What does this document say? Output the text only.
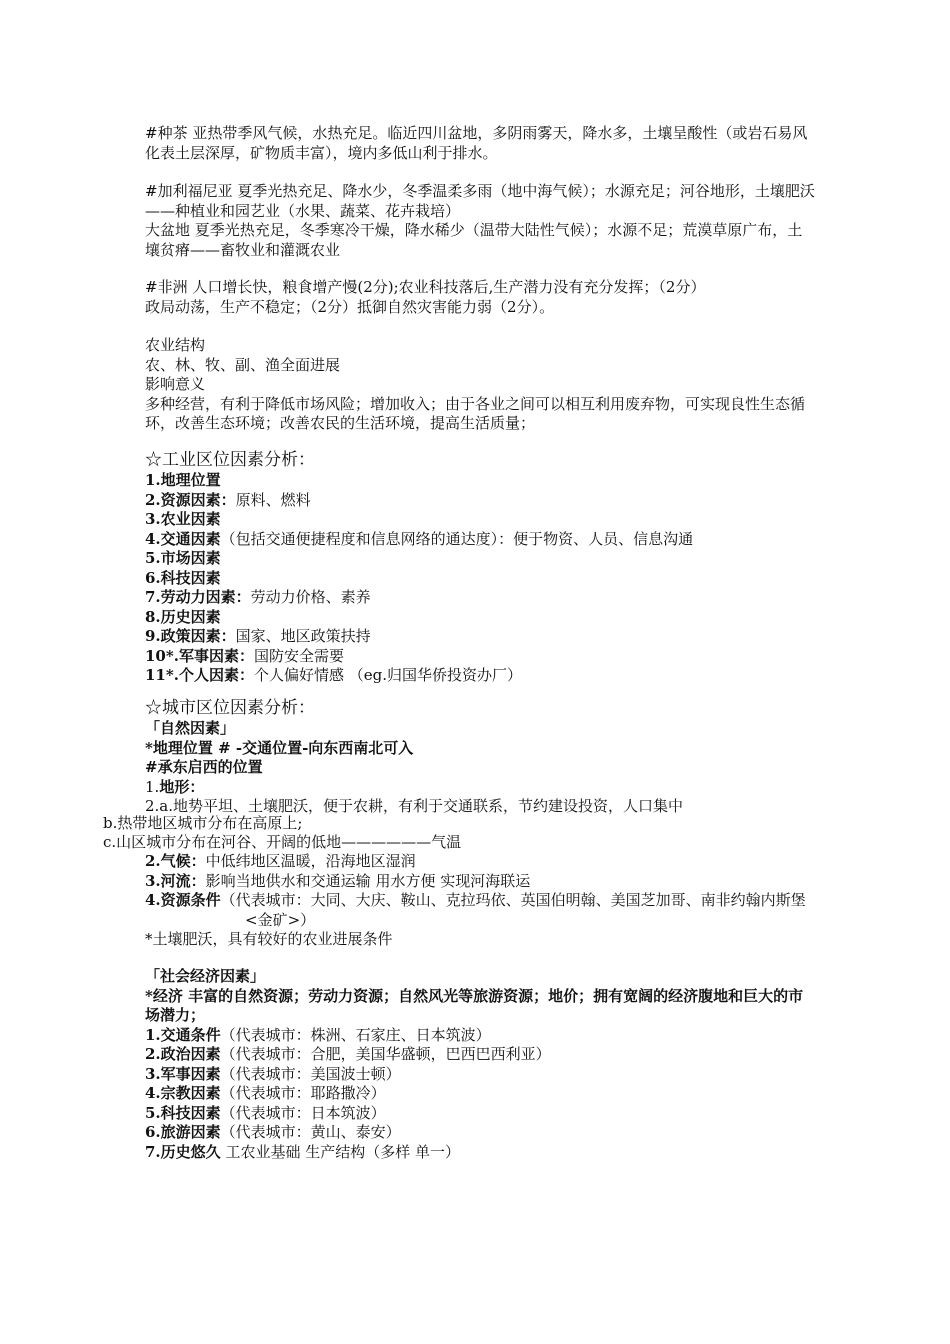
#种茶 亚热带季风气候，水热充足。临近四川盆地，多阴雨雾天，降水多，土壤呈酸性（或岩石易风化表土层深厚，矿物质丰富），境内多低山利于排水。

#加利福尼亚 夏季光热充足、降水少，冬季温柔多雨（地中海气候）；水源充足；河谷地形，土壤肥沃——种植业和园艺业（水果、蔬菜、花卉栽培）

大盆地 夏季光热充足，冬季寒冷干燥，降水稀少（温带大陆性气候）；水源不足；荒漠草原广布，土壤贫瘠——畜牧业和灌溉农业

#非洲 人口增长快，粮食增产慢(2分);农业科技落后,生产潜力没有充分发挥；（2分）

政局动荡，生产不稳定；（2分）抵御自然灾害能力弱（2分）。

农业结构

农、林、牧、副、渔全面进展

影响意义

多种经营，有利于降低市场风险；增加收入；由于各业之间可以相互利用废弃物，可实现良性生态循环，改善生态环境；改善农民的生活环境，提高生活质量；

☆工业区位因素分析：

1.地理位置

2.资源因素：原料、燃料

3.农业因素

4.交通因素（包括交通便捷程度和信息网络的通达度）：便于物资、人员、信息沟通

5.市场因素

6.科技因素

7.劳动力因素：劳动力价格、素养

8.历史因素

9.政策因素：国家、地区政策扶持

10*.军事因素：国防安全需要

11*.个人因素：个人偏好情感 （eg.归国华侨投资办厂）

☆城市区位因素分析：

「自然因素」

*地理位置 # -交通位置-向东西南北可入

#承东启西的位置

1.地形：

2.a.地势平坦、土壤肥沃，便于农耕，有利于交通联系，节约建设投资，人口集中

b.热带地区城市分布在高原上;
c.山区城市分布在河谷、开阔的低地——————气温

2.气候：中低纬地区温暖，沿海地区湿润

3.河流：影响当地供水和交通运输 用水方便 实现河海联运

4.资源条件（代表城市：大同、大庆、鞍山、克拉玛依、英国伯明翰、美国芝加哥、南非约翰内斯堡<金矿>）

*土壤肥沃，具有较好的农业进展条件

「社会经济因素」

*经济 丰富的自然资源；劳动力资源；自然风光等旅游资源；地价；拥有宽阔的经济腹地和巨大的市场潜力；

1.交通条件（代表城市：株洲、石家庄、日本筑波）

2.政治因素（代表城市：合肥，美国华盛顿，巴西巴西利亚）

3.军事因素（代表城市：美国波士顿）

4.宗教因素（代表城市：耶路撒冷）

5.科技因素（代表城市：日本筑波）

6.旅游因素（代表城市：黄山、泰安）

7.历史悠久 工农业基础 生产结构（多样 单一）
